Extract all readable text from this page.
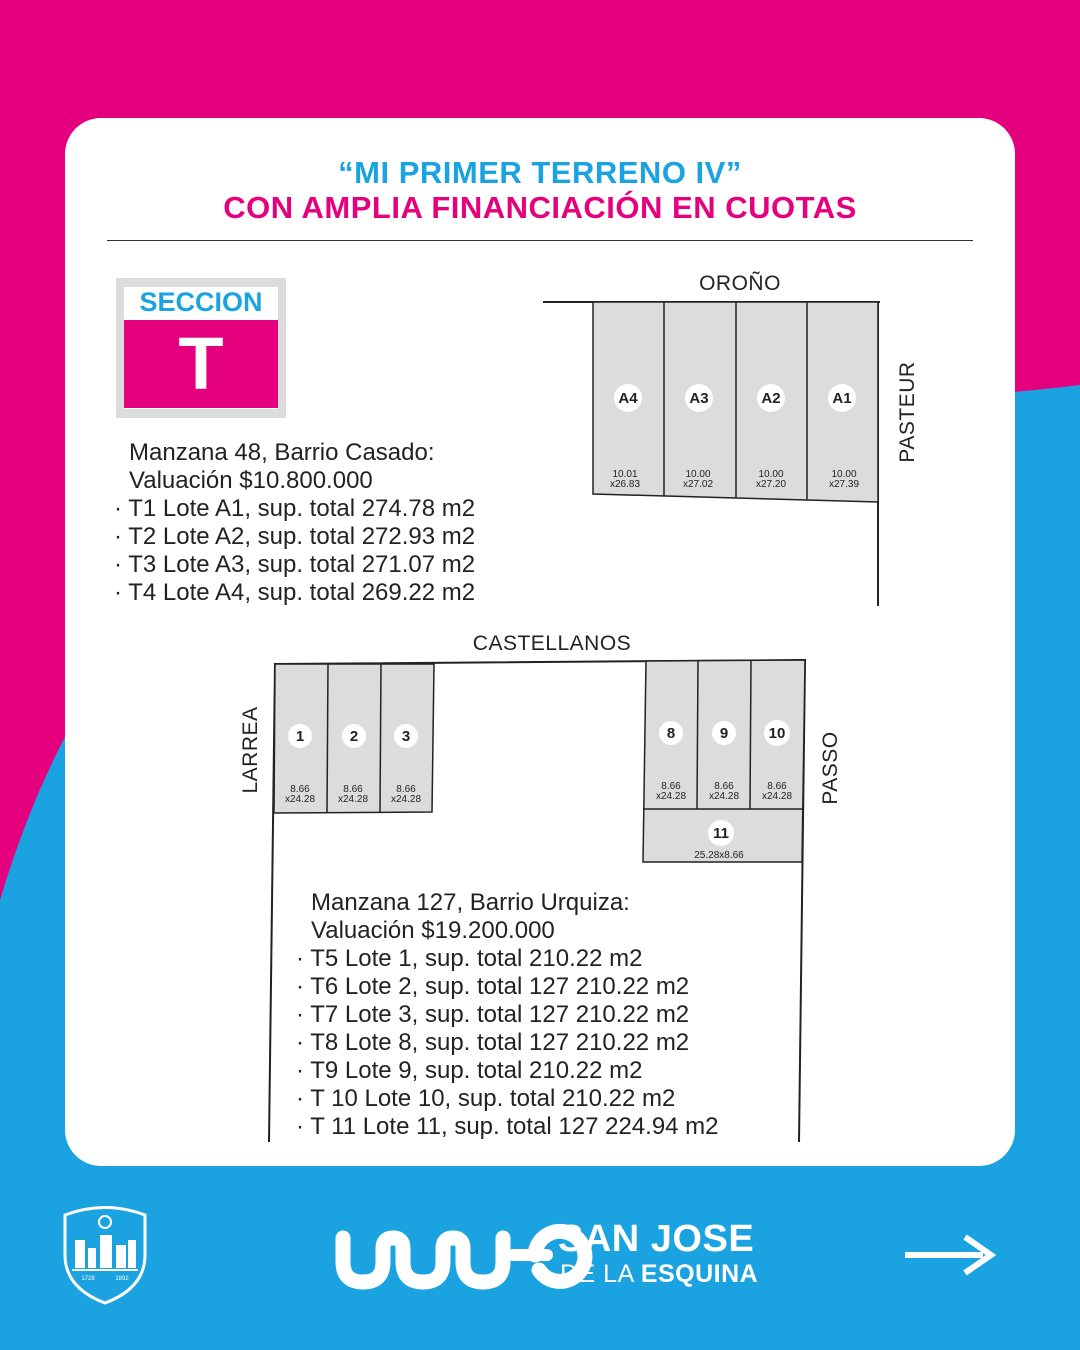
“MI PRIMER TERRENO IV”
CON AMPLIA FINANCIACIÓN EN CUOTAS
SECCION
T
Manzana 48, Barrio Casado:
Valuación $10.800.000
· T1 Lote A1, sup. total 274.78 m2
· T2 Lote A2, sup. total 272.93 m2
· T3 Lote A3, sup. total 271.07 m2
· T4 Lote A4, sup. total 269.22 m2
OROÑO
PASTEUR
A4
10.01
x26.83
A3
10.00
x27.02
A2
10.00
x27.20
A1
10.00
x27.39
CASTELLANOS
LARREA	PASSO
1
8.66
x24.28
2
8.66
x24.28
3
8.66
x24.28
8
8.66
x24.28
9
8.66
x24.28
10
8.66
x24.28
11
25.28x8.66
Manzana 127, Barrio Urquiza:
Valuación $19.200.000
· T5 Lote 1, sup. total 210.22 m2
· T6 Lote 2, sup. total 127 210.22 m2
· T7 Lote 3, sup. total 127 210.22 m2
· T8 Lote 8, sup. total 127 210.22 m2
· T9 Lote 9, sup. total 210.22 m2
· T 10 Lote 10, sup. total 210.22 m2
· T 11 Lote 11, sup. total 127 224.94 m2
1728	1892
SAN JOSE
DE LA ESQUINA
